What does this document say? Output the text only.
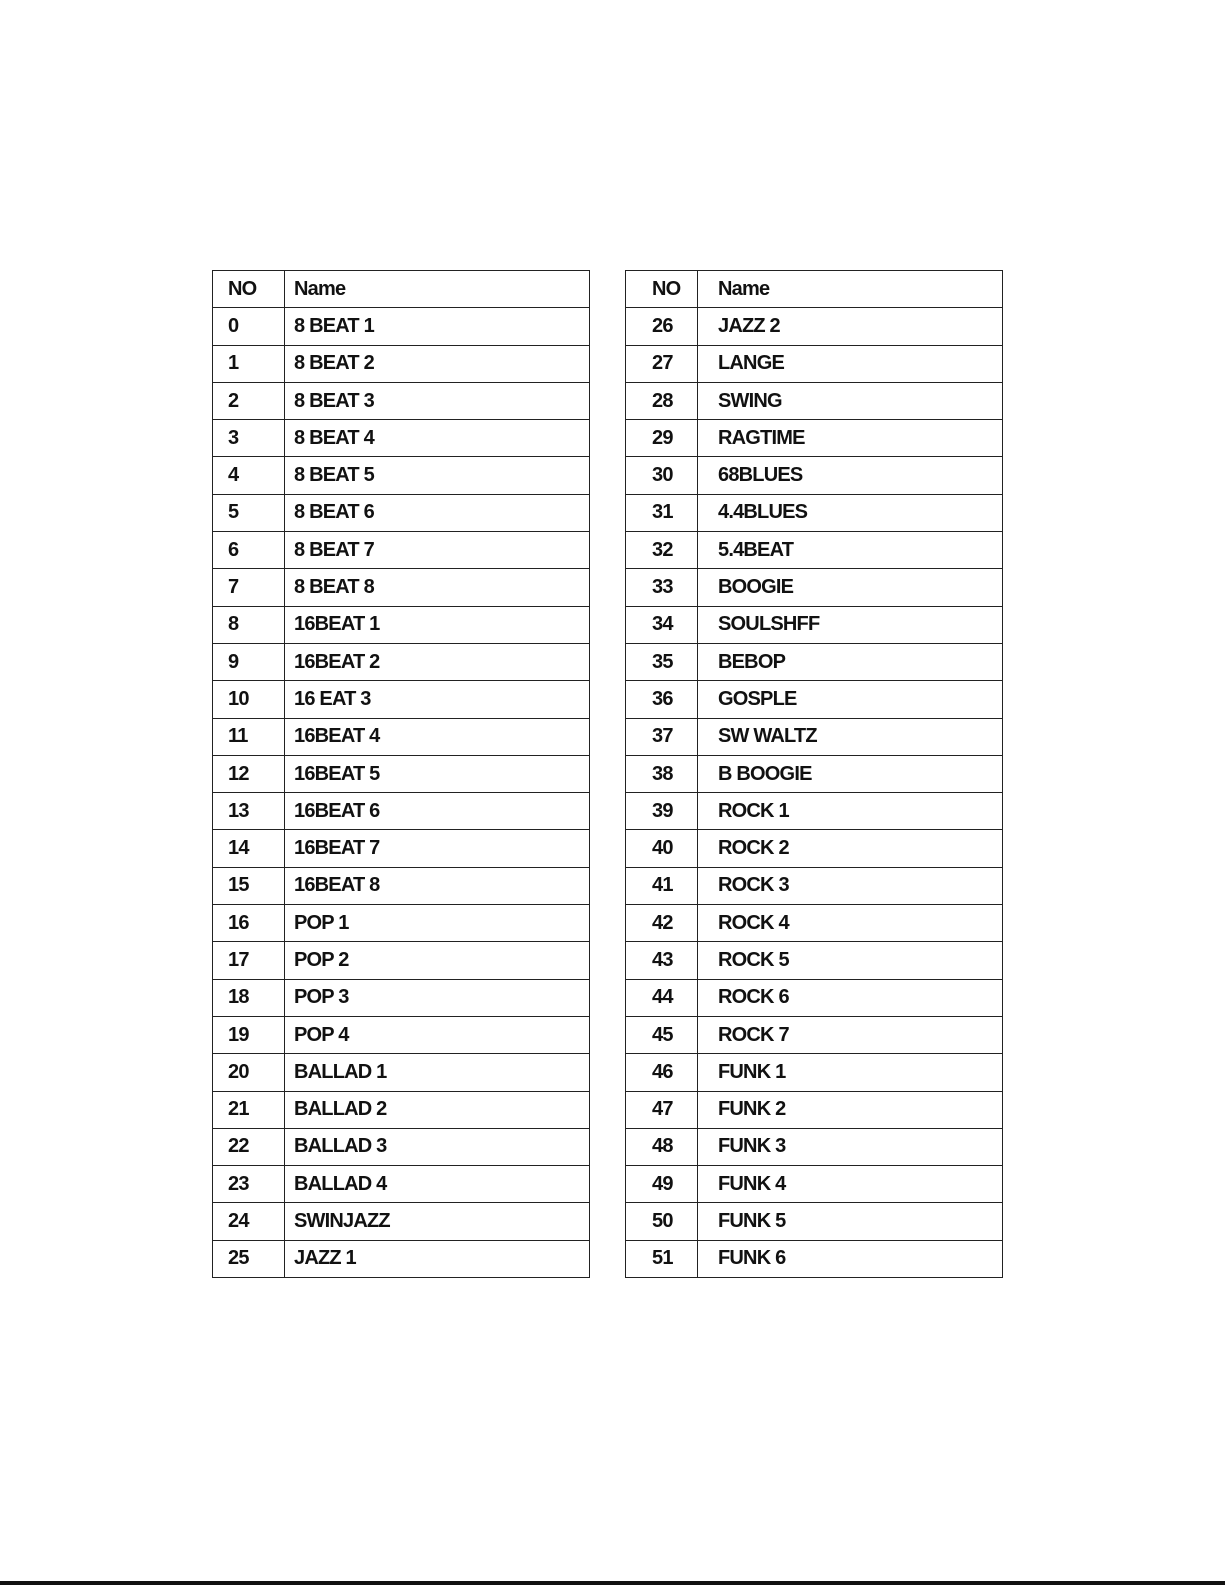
NO	Name
0	8 BEAT 1
1	8 BEAT 2
2	8 BEAT 3
3	8 BEAT 4
4	8 BEAT 5
5	8 BEAT 6
6	8 BEAT 7
7	8 BEAT 8
8	16BEAT 1
9	16BEAT 2
10	16 EAT 3
11	16BEAT 4
12	16BEAT 5
13	16BEAT 6
14	16BEAT 7
15	16BEAT 8
16	POP 1
17	POP 2
18	POP 3
19	POP 4
20	BALLAD 1
21	BALLAD 2
22	BALLAD 3
23	BALLAD 4
24	SWINJAZZ
25	JAZZ 1
NO	Name
26	JAZZ 2
27	LANGE
28	SWING
29	RAGTIME
30	68BLUES
31	4.4BLUES
32	5.4BEAT
33	BOOGIE
34	SOULSHFF
35	BEBOP
36	GOSPLE
37	SW WALTZ
38	B BOOGIE
39	ROCK 1
40	ROCK 2
41	ROCK 3
42	ROCK 4
43	ROCK 5
44	ROCK 6
45	ROCK 7
46	FUNK 1
47	FUNK 2
48	FUNK 3
49	FUNK 4
50	FUNK 5
51	FUNK 6
